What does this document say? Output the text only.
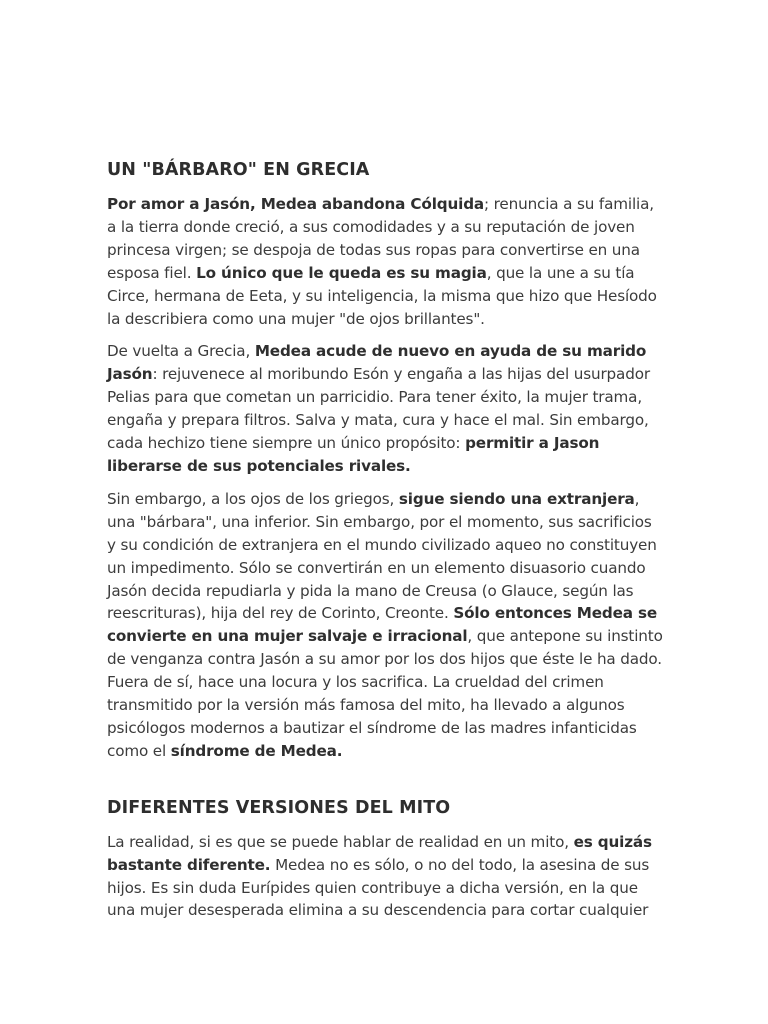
UN "BÁRBARO" EN GRECIA

Por amor a Jasón, Medea abandona Cólquida; renuncia a su familia, a la tierra donde creció, a sus comodidades y a su reputación de joven princesa virgen; se despoja de todas sus ropas para convertirse en una esposa fiel. Lo único que le queda es su magia, que la une a su tía Circe, hermana de Eeta, y su inteligencia, la misma que hizo que Hesíodo la describiera como una mujer "de ojos brillantes".

De vuelta a Grecia, Medea acude de nuevo en ayuda de su marido Jasón: rejuvenece al moribundo Esón y engaña a las hijas del usurpador Pelias para que cometan un parricidio. Para tener éxito, la mujer trama, engaña y prepara filtros. Salva y mata, cura y hace el mal. Sin embargo, cada hechizo tiene siempre un único propósito: permitir a Jason liberarse de sus potenciales rivales.

Sin embargo, a los ojos de los griegos, sigue siendo una extranjera, una "bárbara", una inferior. Sin embargo, por el momento, sus sacrificios y su condición de extranjera en el mundo civilizado aqueo no constituyen un impedimento. Sólo se convertirán en un elemento disuasorio cuando Jasón decida repudiarla y pida la mano de Creusa (o Glauce, según las reescrituras), hija del rey de Corinto, Creonte. Sólo entonces Medea se convierte en una mujer salvaje e irracional, que antepone su instinto de venganza contra Jasón a su amor por los dos hijos que éste le ha dado. Fuera de sí, hace una locura y los sacrifica. La crueldad del crimen transmitido por la versión más famosa del mito, ha llevado a algunos psicólogos modernos a bautizar el síndrome de las madres infanticidas como el síndrome de Medea.

DIFERENTES VERSIONES DEL MITO

La realidad, si es que se puede hablar de realidad en un mito, es quizás bastante diferente. Medea no es sólo, o no del todo, la asesina de sus hijos. Es sin duda Eurípides quien contribuye a dicha versión, en la que una mujer desesperada elimina a su descendencia para cortar cualquier
